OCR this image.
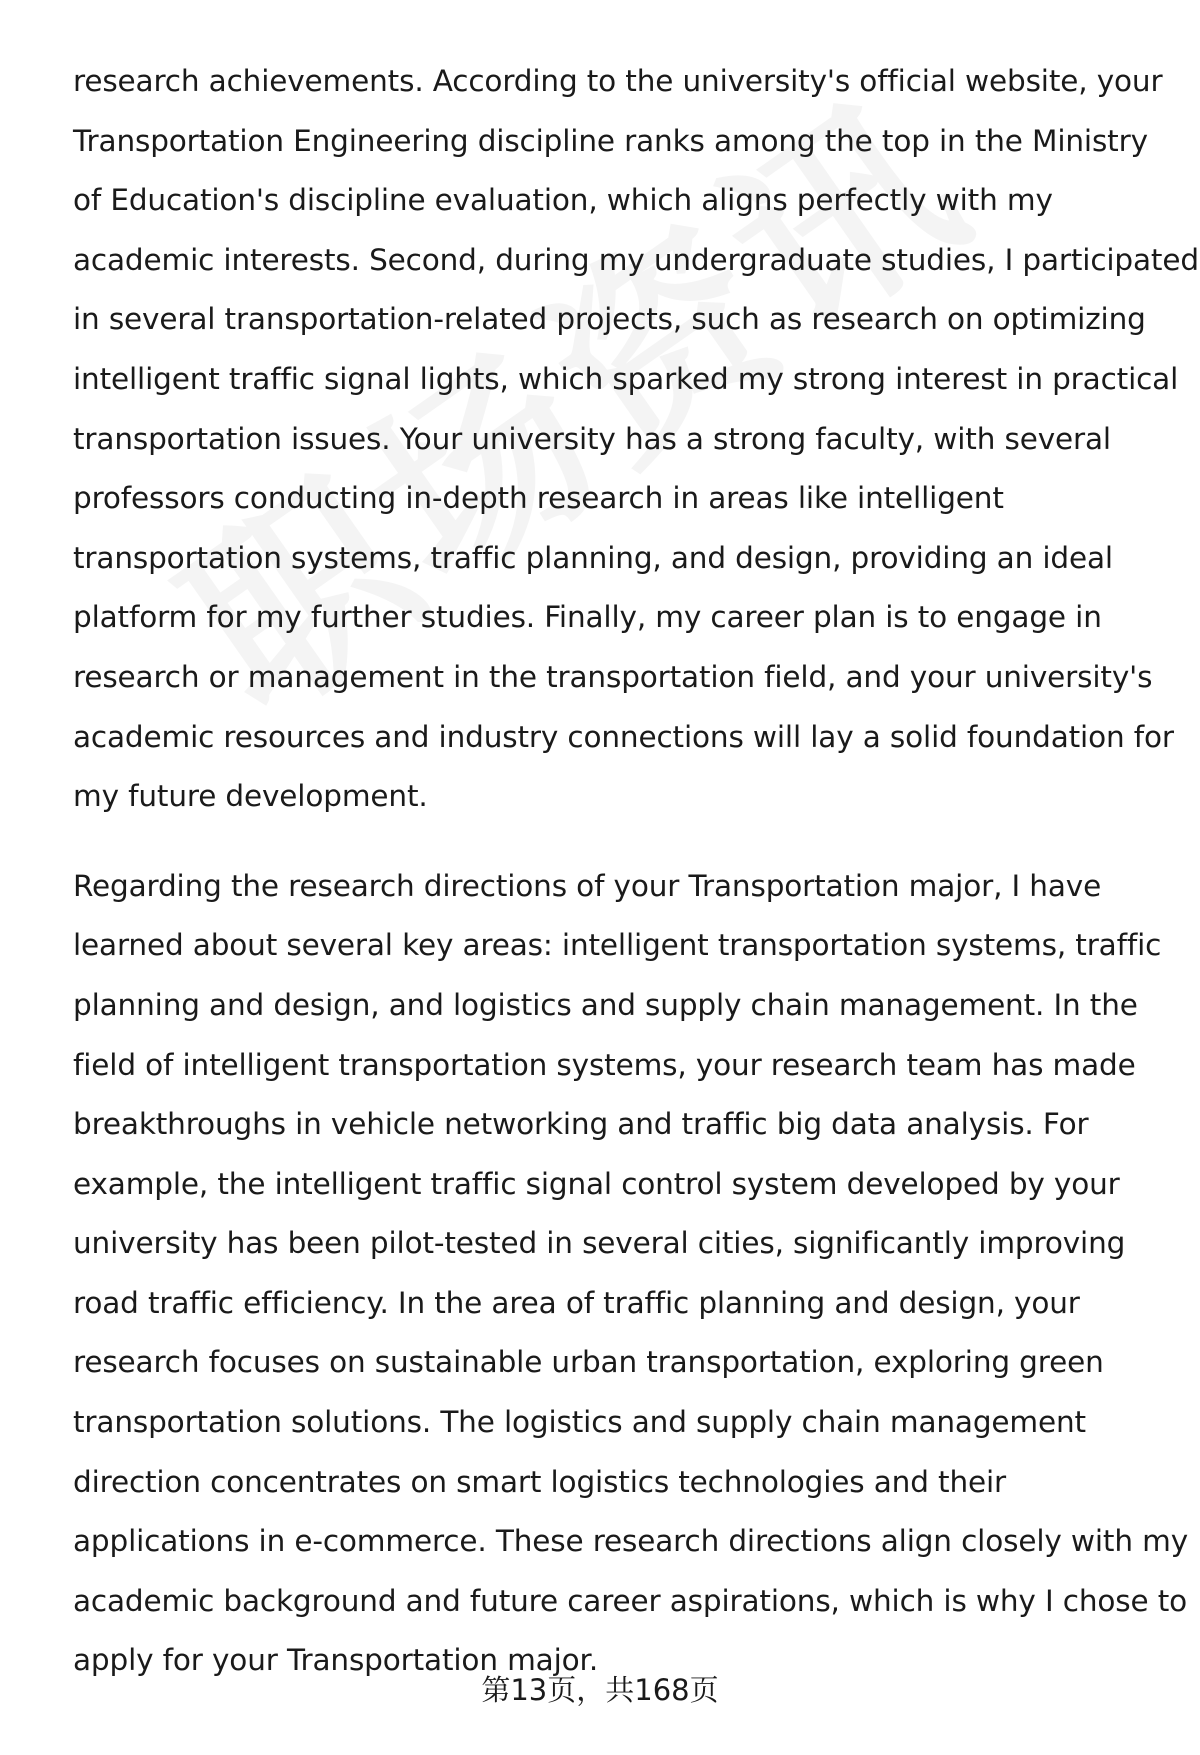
research achievements. According to the university's official website, your
Transportation Engineering discipline ranks among the top in the Ministry
of Education's discipline evaluation, which aligns perfectly with my
academic interests. Second, during my undergraduate studies, I participated
in several transportation-related projects, such as research on optimizing
intelligent traffic signal lights, which sparked my strong interest in practical
transportation issues. Your university has a strong faculty, with several
professors conducting in-depth research in areas like intelligent
transportation systems, traffic planning, and design, providing an ideal
platform for my further studies. Finally, my career plan is to engage in
research or management in the transportation field, and your university's
academic resources and industry connections will lay a solid foundation for
my future development.

Regarding the research directions of your Transportation major, I have
learned about several key areas: intelligent transportation systems, traffic
planning and design, and logistics and supply chain management. In the
field of intelligent transportation systems, your research team has made
breakthroughs in vehicle networking and traffic big data analysis. For
example, the intelligent traffic signal control system developed by your
university has been pilot-tested in several cities, significantly improving
road traffic efficiency. In the area of traffic planning and design, your
research focuses on sustainable urban transportation, exploring green
transportation solutions. The logistics and supply chain management
direction concentrates on smart logistics technologies and their
applications in e-commerce. These research directions align closely with my
academic background and future career aspirations, which is why I chose to
apply for your Transportation major.

第13页，共168页
